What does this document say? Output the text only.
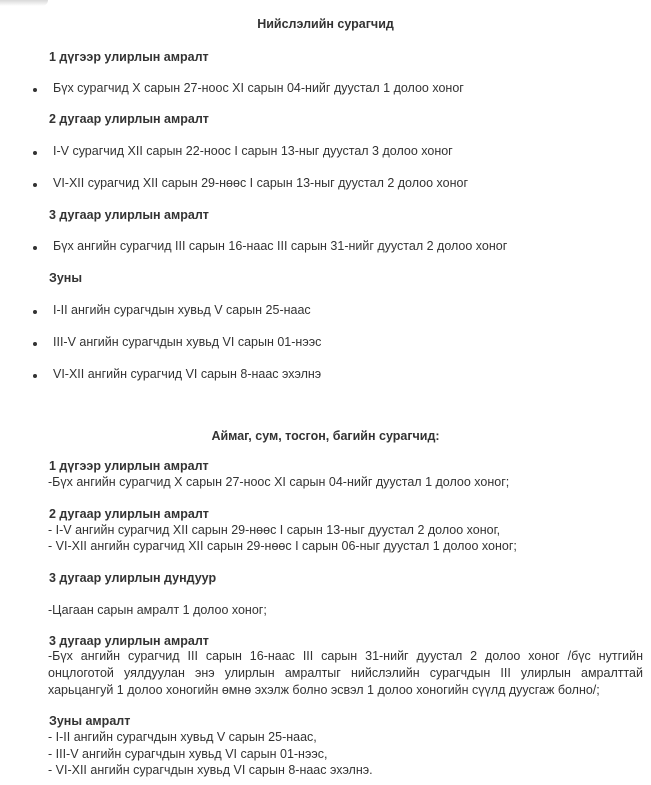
Нийслэлийн сурагчид
1 дүгээр улирлын амралт
Бүх сурагчид X сарын 27-ноос XI сарын 04-нийг дуустал 1 долоо хоног
2 дугаар улирлын амралт
I-V сурагчид XII сарын 22-ноос I сарын 13-ныг дуустал 3 долоо хоног
VI-XII сурагчид XII сарын 29-нөөс I сарын 13-ныг дуустал 2 долоо хоног
3 дугаар улирлын амралт
Бүх ангийн сурагчид III сарын 16-наас III сарын 31-нийг дуустал 2 долоо хоног
Зуны
I-II ангийн сурагчдын хувьд V сарын 25-наас
III-V ангийн сурагчдын хувьд VI сарын 01-нээс
VI-XII ангийн сурагчид VI сарын 8-наас эхэлнэ
Аймаг, сум, тосгон, багийн сурагчид:
1 дүгээр улирлын амралт
-Бүх ангийн сурагчид X сарын 27-ноос XI сарын 04-нийг дуустал 1 долоо хоног;
2 дугаар улирлын амралт
- I-V ангийн сурагчид XII сарын 29-нөөс I сарын 13-ныг дуустал 2 долоо хоног,
- VI-XII ангийн сурагчид XII сарын 29-нөөс I сарын 06-ныг дуустал 1 долоо хоног;
3 дугаар улирлын дундуур
-Цагаан сарын амралт 1 долоо хоног;
3 дугаар улирлын амралт
-Бүх ангийн сурагчид III сарын 16-наас III сарын 31-нийг дуустал 2 долоо хоног /бүс нутгийн
онцлоготой уялдуулан энэ улирлын амралтыг нийслэлийн сурагчдын III улирлын амралттай
харьцангуй 1 долоо хоногийн өмнө эхэлж болно эсвэл 1 долоо хоногийн сүүлд дуусгаж болно/;
Зуны амралт
- I-II ангийн сурагчдын хувьд V сарын 25-наас,
- III-V ангийн сурагчдын хувьд VI сарын 01-нээс,
- VI-XII ангийн сурагчдын хувьд VI сарын 8-наас эхэлнэ.
